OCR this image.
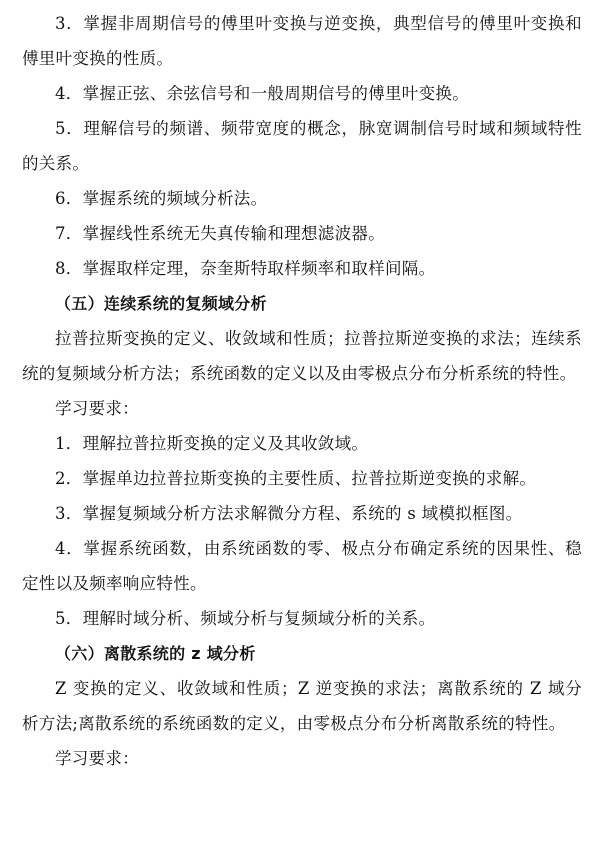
3．掌握非周期信号的傅里叶变换与逆变换，典型信号的傅里叶变换和傅里叶变换的性质。

4．掌握正弦、余弦信号和一般周期信号的傅里叶变换。

5．理解信号的频谱、频带宽度的概念，脉宽调制信号时域和频域特性的关系。

6．掌握系统的频域分析法。

7．掌握线性系统无失真传输和理想滤波器。

8．掌握取样定理，奈奎斯特取样频率和取样间隔。

（五）连续系统的复频域分析

拉普拉斯变换的定义、收敛域和性质；拉普拉斯逆变换的求法；连续系统的复频域分析方法；系统函数的定义以及由零极点分布分析系统的特性。

学习要求：

1．理解拉普拉斯变换的定义及其收敛域。

2．掌握单边拉普拉斯变换的主要性质、拉普拉斯逆变换的求解。

3．掌握复频域分析方法求解微分方程、系统的 s 域模拟框图。

4．掌握系统函数，由系统函数的零、极点分布确定系统的因果性、稳定性以及频率响应特性。

5．理解时域分析、频域分析与复频域分析的关系。

（六）离散系统的 z 域分析

Z 变换的定义、收敛域和性质；Z 逆变换的求法；离散系统的 Z 域分析方法;离散系统的系统函数的定义，由零极点分布分析离散系统的特性。

学习要求：
